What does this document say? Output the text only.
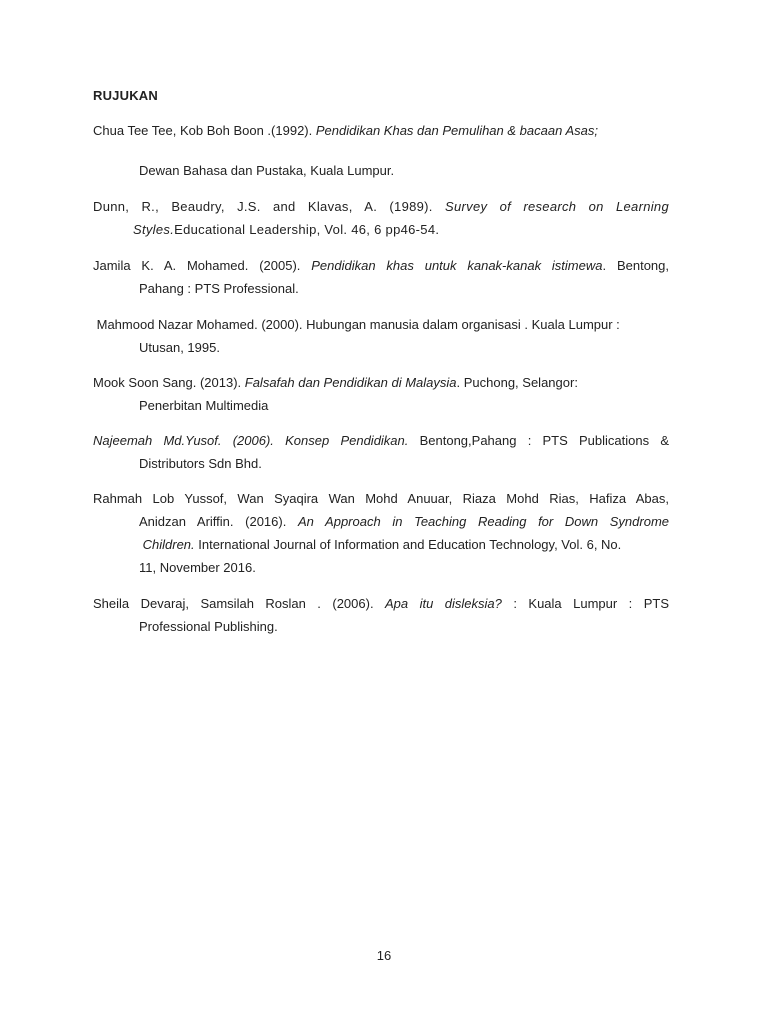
RUJUKAN
Chua Tee Tee, Kob Boh Boon .(1992). Pendidikan Khas dan Pemulihan & bacaan Asas;
Dewan Bahasa dan Pustaka, Kuala Lumpur.
Dunn, R., Beaudry, J.S. and Klavas, A. (1989). Survey of research on Learning
Styles.Educational Leadership, Vol. 46, 6 pp46-54.
Jamila K. A. Mohamed. (2005). Pendidikan khas untuk kanak-kanak istimewa. Bentong,
Pahang : PTS Professional.
Mahmood Nazar Mohamed. (2000). Hubungan manusia dalam organisasi . Kuala Lumpur :
Utusan, 1995.
Mook Soon Sang. (2013). Falsafah dan Pendidikan di Malaysia. Puchong, Selangor:
Penerbitan Multimedia
Najeemah Md.Yusof. (2006). Konsep Pendidikan. Bentong,Pahang : PTS Publications &
Distributors Sdn Bhd.
Rahmah Lob Yussof, Wan Syaqira Wan Mohd Anuuar, Riaza Mohd Rias, Hafiza Abas,
Anidzan Ariffin. (2016). An Approach in Teaching Reading for Down Syndrome
Children. International Journal of Information and Education Technology, Vol. 6, No.
11, November 2016.
Sheila Devaraj, Samsilah Roslan . (2006). Apa itu disleksia? : Kuala Lumpur : PTS
Professional Publishing.
16
